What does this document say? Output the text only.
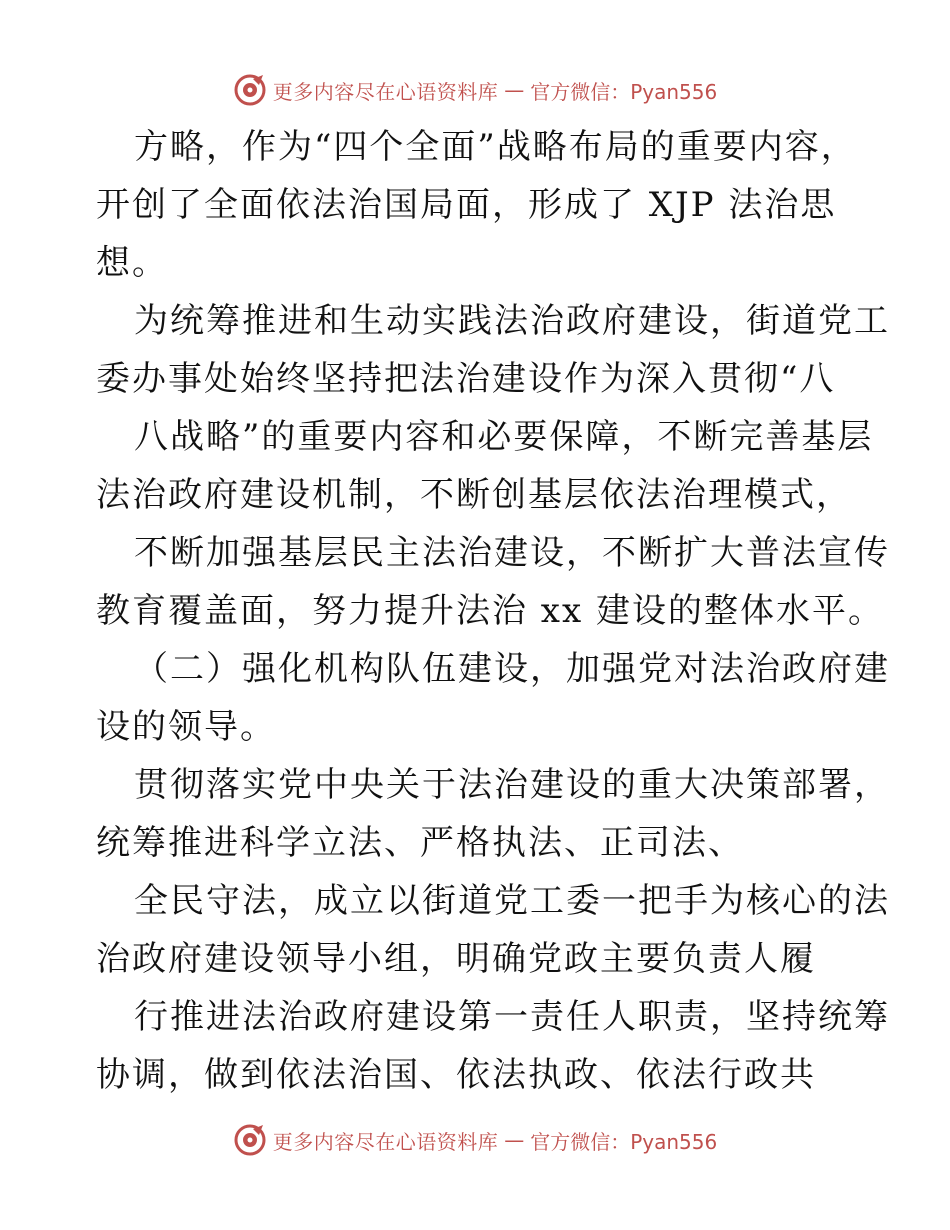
更多内容尽在心语资料库 — 官方微信：Pyan556
方略，作为“四个全面”战略布局的重要内容，
开创了全面依法治国局面，形成了 XJP 法治思
想。
为统筹推进和生动实践法治政府建设，街道党工
委办事处始终坚持把法治建设作为深入贯彻“八
八战略”的重要内容和必要保障，不断完善基层
法治政府建设机制，不断创基层依法治理模式，
不断加强基层民主法治建设，不断扩大普法宣传
教育覆盖面，努力提升法治 xx 建设的整体水平。
（二）强化机构队伍建设，加强党对法治政府建
设的领导。
贯彻落实党中央关于法治建设的重大决策部署，
统筹推进科学立法、严格执法、正司法、
全民守法，成立以街道党工委一把手为核心的法
治政府建设领导小组，明确党政主要负责人履
行推进法治政府建设第一责任人职责，坚持统筹
协调，做到依法治国、依法执政、依法行政共
更多内容尽在心语资料库 — 官方微信：Pyan556
